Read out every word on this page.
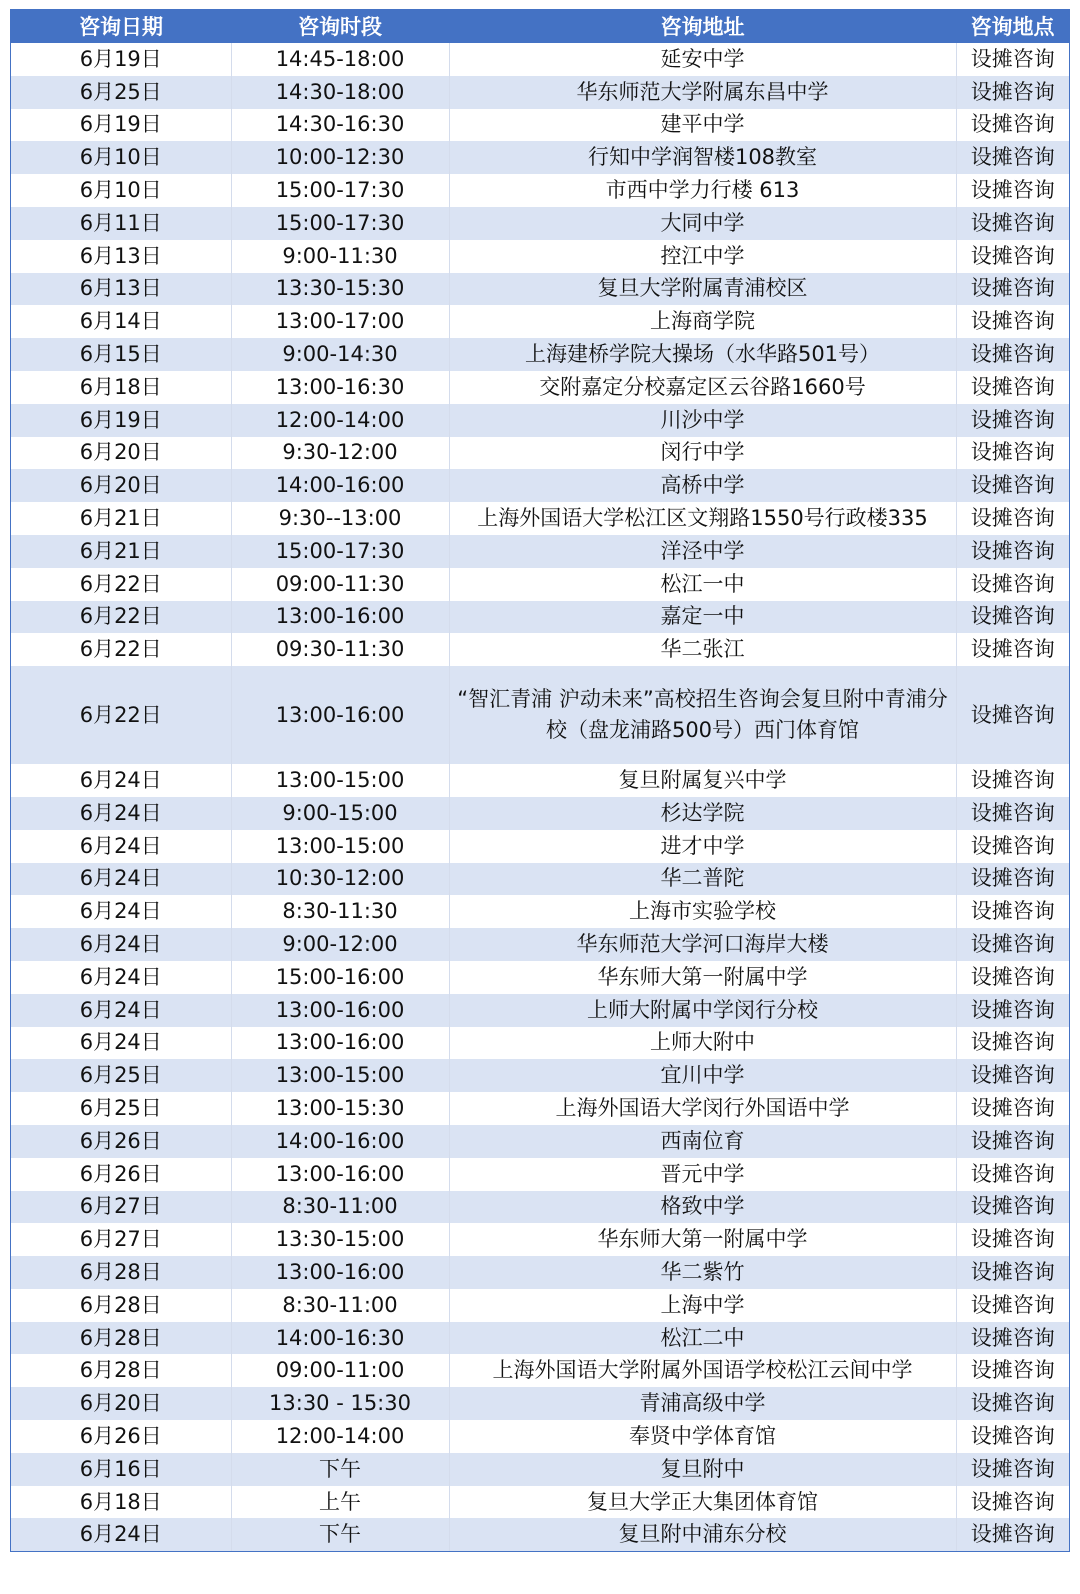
咨询日期	咨询时段	咨询地址	咨询地点
6月19日	14:45-18:00	延安中学	设摊咨询
6月25日	14:30-18:00	华东师范大学附属东昌中学	设摊咨询
6月19日	14:30-16:30	建平中学	设摊咨询
6月10日	10:00-12:30	行知中学润智楼108教室	设摊咨询
6月10日	15:00-17:30	市西中学力行楼 613	设摊咨询
6月11日	15:00-17:30	大同中学	设摊咨询
6月13日	9:00-11:30	控江中学	设摊咨询
6月13日	13:30-15:30	复旦大学附属青浦校区	设摊咨询
6月14日	13:00-17:00	上海商学院	设摊咨询
6月15日	9:00-14:30	上海建桥学院大操场（水华路501号）	设摊咨询
6月18日	13:00-16:30	交附嘉定分校嘉定区云谷路1660号	设摊咨询
6月19日	12:00-14:00	川沙中学	设摊咨询
6月20日	9:30-12:00	闵行中学	设摊咨询
6月20日	14:00-16:00	高桥中学	设摊咨询
6月21日	9:30--13:00	上海外国语大学松江区文翔路1550号行政楼335	设摊咨询
6月21日	15:00-17:30	洋泾中学	设摊咨询
6月22日	09:00-11:30	松江一中	设摊咨询
6月22日	13:00-16:00	嘉定一中	设摊咨询
6月22日	09:30-11:30	华二张江	设摊咨询
6月22日	13:00-16:00	“智汇青浦 沪动未来”高校招生咨询会复旦附中青浦分校（盘龙浦路500号）西门体育馆	设摊咨询
6月24日	13:00-15:00	复旦附属复兴中学	设摊咨询
6月24日	9:00-15:00	杉达学院	设摊咨询
6月24日	13:00-15:00	进才中学	设摊咨询
6月24日	10:30-12:00	华二普陀	设摊咨询
6月24日	8:30-11:30	上海市实验学校	设摊咨询
6月24日	9:00-12:00	华东师范大学河口海岸大楼	设摊咨询
6月24日	15:00-16:00	华东师大第一附属中学	设摊咨询
6月24日	13:00-16:00	上师大附属中学闵行分校	设摊咨询
6月24日	13:00-16:00	上师大附中	设摊咨询
6月25日	13:00-15:00	宜川中学	设摊咨询
6月25日	13:00-15:30	上海外国语大学闵行外国语中学	设摊咨询
6月26日	14:00-16:00	西南位育	设摊咨询
6月26日	13:00-16:00	晋元中学	设摊咨询
6月27日	8:30-11:00	格致中学	设摊咨询
6月27日	13:30-15:00	华东师大第一附属中学	设摊咨询
6月28日	13:00-16:00	华二紫竹	设摊咨询
6月28日	8:30-11:00	上海中学	设摊咨询
6月28日	14:00-16:30	松江二中	设摊咨询
6月28日	09:00-11:00	上海外国语大学附属外国语学校松江云间中学	设摊咨询
6月20日	13:30 - 15:30	青浦高级中学	设摊咨询
6月26日	12:00-14:00	奉贤中学体育馆	设摊咨询
6月16日	下午	复旦附中	设摊咨询
6月18日	上午	复旦大学正大集团体育馆	设摊咨询
6月24日	下午	复旦附中浦东分校	设摊咨询
